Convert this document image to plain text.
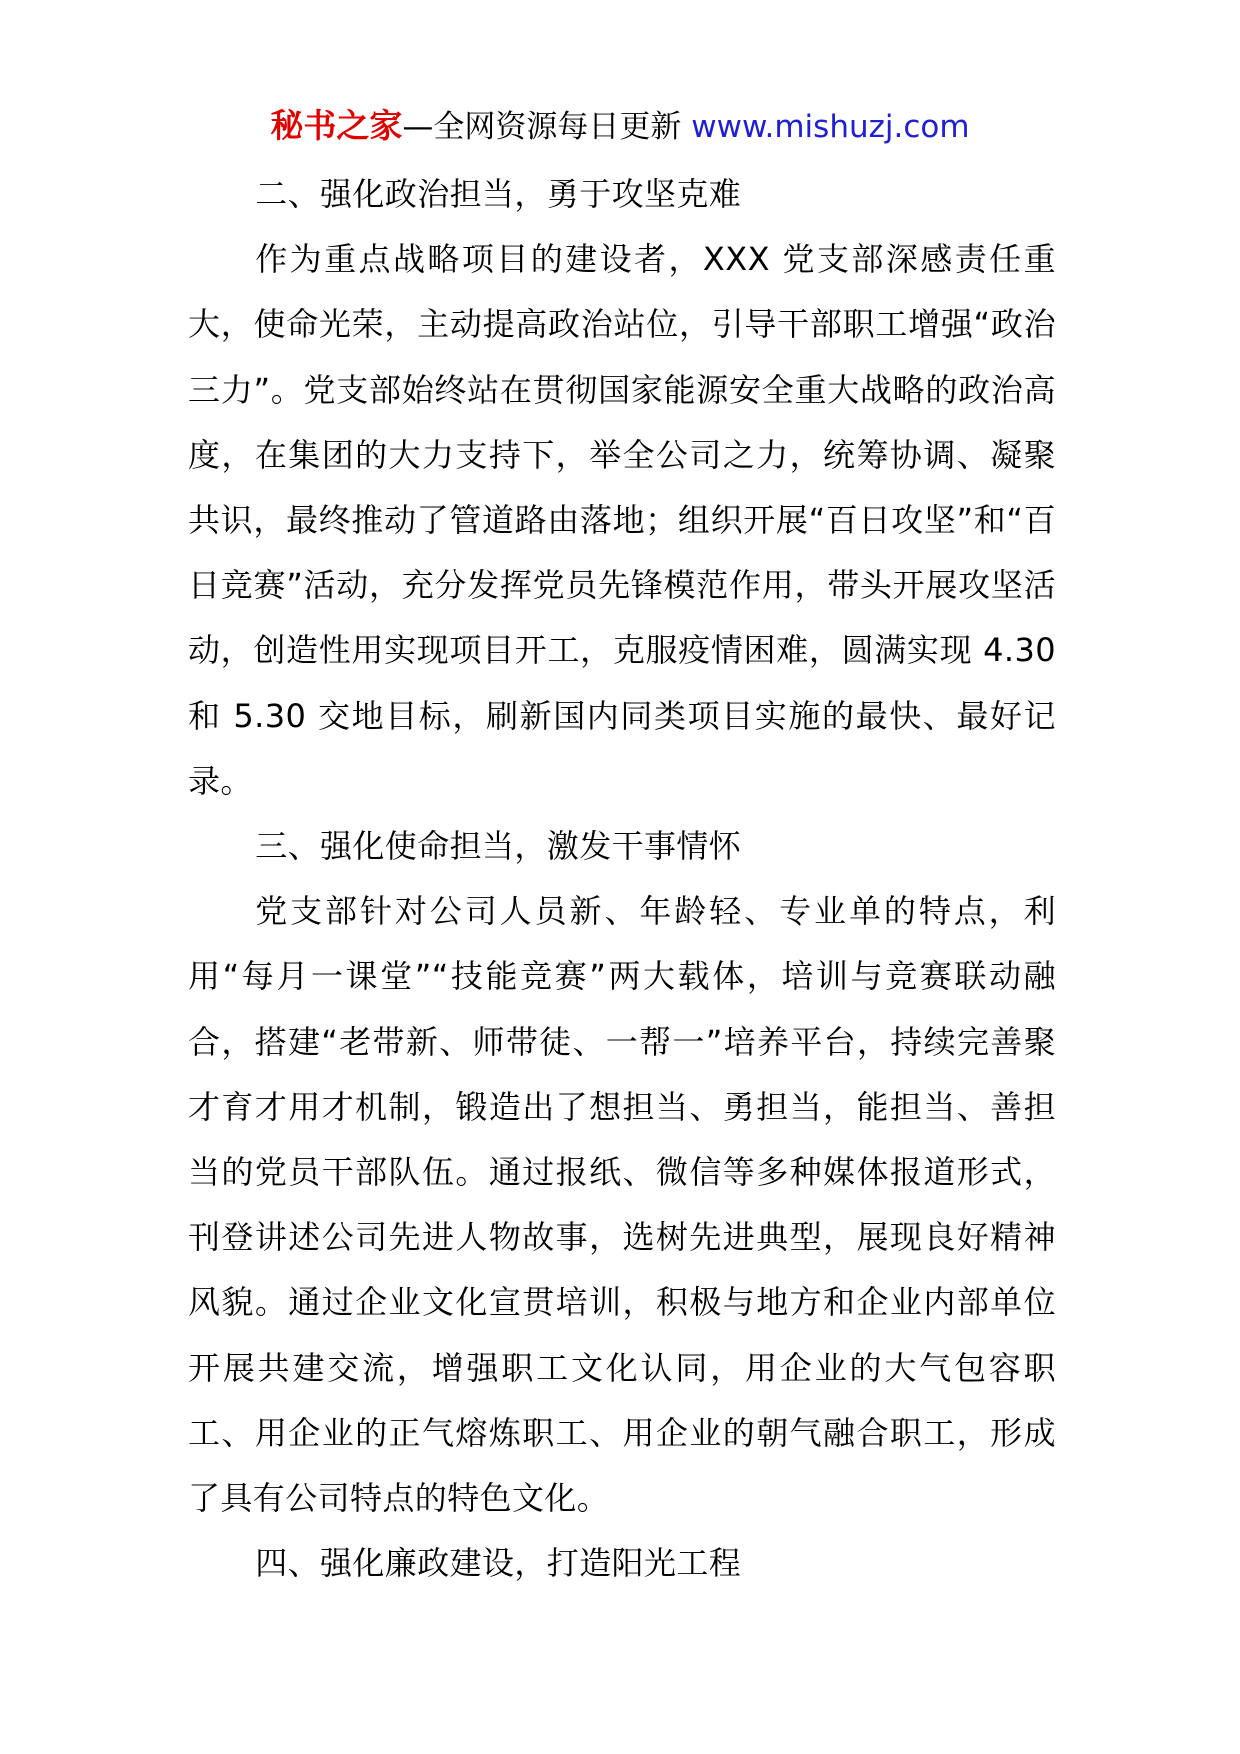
秘书之家—全网资源每日更新 www.mishuzj.com

二、强化政治担当，勇于攻坚克难

作为重点战略项目的建设者，XXX 党支部深感责任重大，使命光荣，主动提高政治站位，引导干部职工增强“政治三力”。党支部始终站在贯彻国家能源安全重大战略的政治高度，在集团的大力支持下，举全公司之力，统筹协调、凝聚共识，最终推动了管道路由落地；组织开展“百日攻坚”和“百日竞赛”活动，充分发挥党员先锋模范作用，带头开展攻坚活动，创造性用实现项目开工，克服疫情困难，圆满实现 4.30 和 5.30 交地目标，刷新国内同类项目实施的最快、最好记录。

三、强化使命担当，激发干事情怀

党支部针对公司人员新、年龄轻、专业单的特点，利用“每月一课堂”“技能竞赛”两大载体，培训与竞赛联动融合，搭建“老带新、师带徒、一帮一”培养平台，持续完善聚才育才用才机制，锻造出了想担当、勇担当，能担当、善担当的党员干部队伍。通过报纸、微信等多种媒体报道形式，刊登讲述公司先进人物故事，选树先进典型，展现良好精神风貌。通过企业文化宣贯培训，积极与地方和企业内部单位开展共建交流，增强职工文化认同，用企业的大气包容职工、用企业的正气熔炼职工、用企业的朝气融合职工，形成了具有公司特点的特色文化。

四、强化廉政建设，打造阳光工程
